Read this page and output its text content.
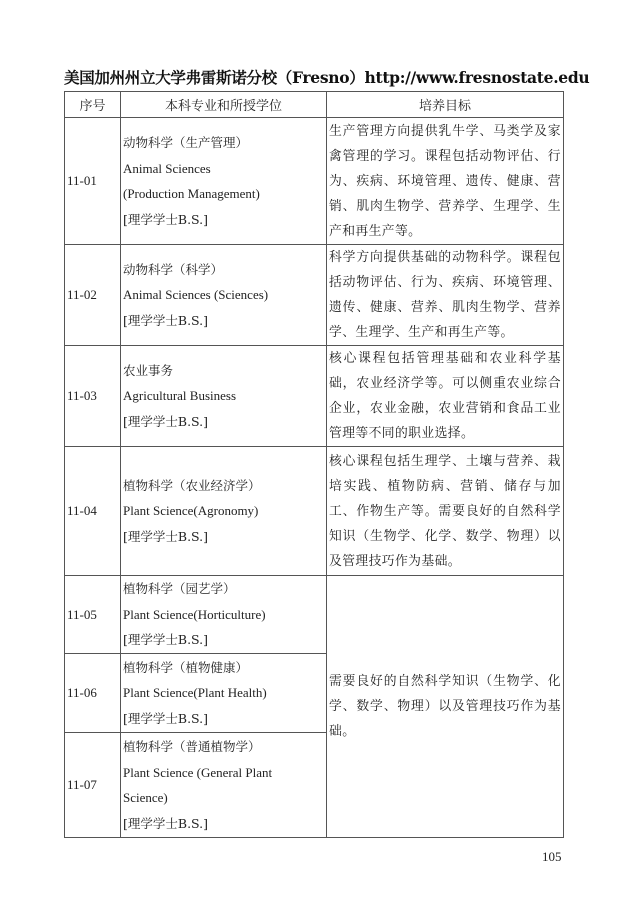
美国加州州立大学弗雷斯诺分校（Fresno）http://www.fresnostate.edu
序号	本科专业和所授学位	培养目标
11-01	动物科学（生产管理）
Animal Sciences
(Production Management)
[理学学士B.S.]	生产管理方向提供乳牛学、马类学及家禽管理的学习。课程包括动物评估、行为、疾病、环境管理、遗传、健康、营销、肌肉生物学、营养学、生理学、生产和再生产等。
11-02	动物科学（科学）
Animal Sciences (Sciences)
[理学学士B.S.]	科学方向提供基础的动物科学。课程包括动物评估、行为、疾病、环境管理、遗传、健康、营养、肌肉生物学、营养学、生理学、生产和再生产等。
11-03	农业事务
Agricultural Business
[理学学士B.S.]	核心课程包括管理基础和农业科学基础，农业经济学等。可以侧重农业综合企业，农业金融，农业营销和食品工业管理等不同的职业选择。
11-04	植物科学（农业经济学）
Plant Science(Agronomy)
[理学学士B.S.]	核心课程包括生理学、土壤与营养、栽培实践、植物防病、营销、储存与加工、作物生产等。需要良好的自然科学知识（生物学、化学、数学、物理）以及管理技巧作为基础。
11-05	植物科学（园艺学）
Plant Science(Horticulture)
[理学学士B.S.]	需要良好的自然科学知识（生物学、化学、数学、物理）以及管理技巧作为基础。
11-06	植物科学（植物健康）
Plant Science(Plant Health)
[理学学士B.S.]	

11-07	植物科学（普通植物学）
Plant Science (General Plant Science)
[理学学士B.S.]	
105
